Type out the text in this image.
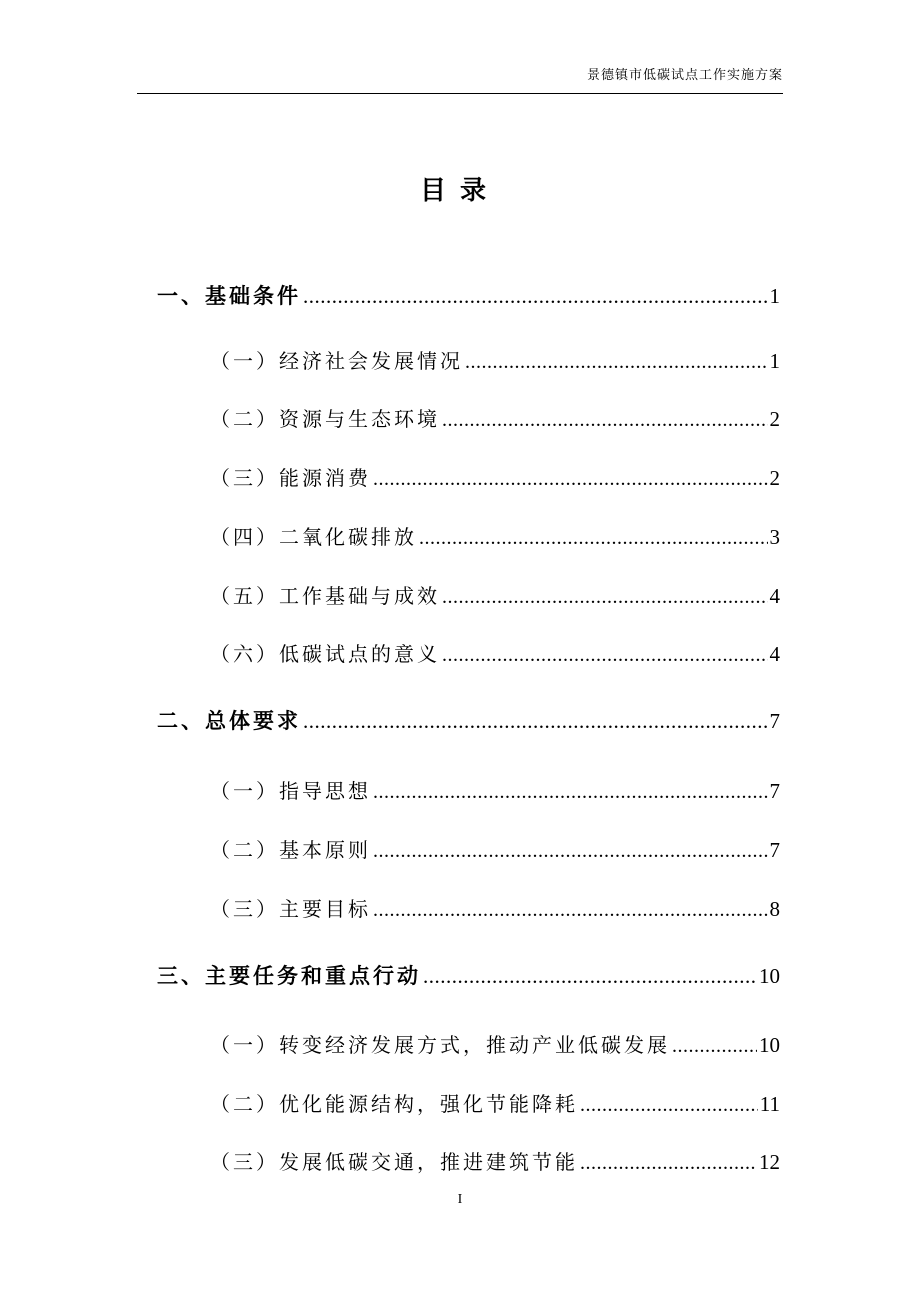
景德镇市低碳试点工作实施方案
目录
一、基础条件 .....	1
（一）经济社会发展情况 .....	1
（二）资源与生态环境 .....	2
（三）能源消费 .....	2
（四）二氧化碳排放 .....	3
（五）工作基础与成效 .....	4
（六）低碳试点的意义 .....	4
二、总体要求 .....	7
（一）指导思想 .....	7
（二）基本原则 .....	7
（三）主要目标 .....	8
三、主要任务和重点行动 .....	10
（一）转变经济发展方式，推动产业低碳发展 .....	10
（二）优化能源结构，强化节能降耗 .....	11
（三）发展低碳交通，推进建筑节能 .....	12
I
